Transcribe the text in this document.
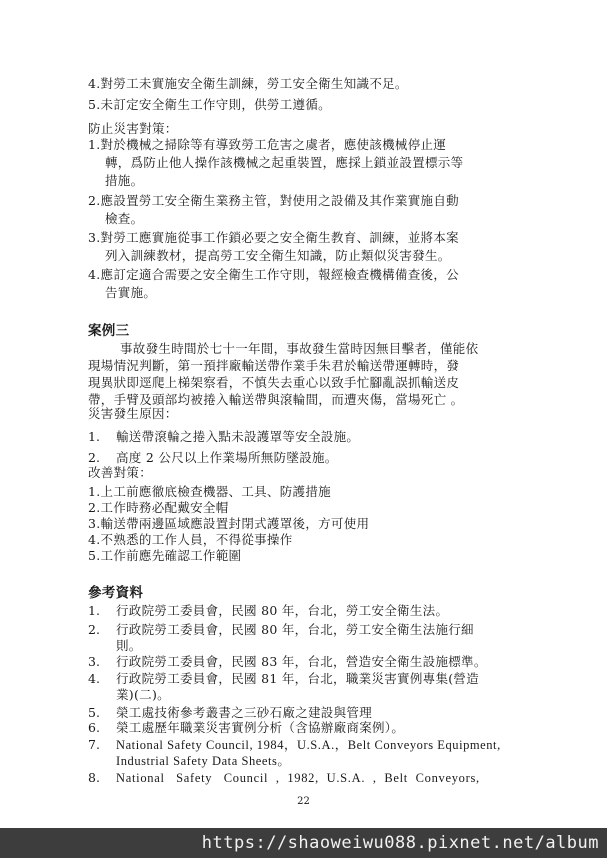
4.對勞工未實施安全衛生訓練，勞工安全衛生知識不足。
5.未訂定安全衛生工作守則，供勞工遵循。
防止災害對策：
1.對於機械之掃除等有導致勞工危害之虞者，應使該機械停止運
轉，爲防止他人操作該機械之起重裝置，應採上鎖並設置標示等
措施。
2.應設置勞工安全衛生業務主管，對使用之設備及其作業實施自動
檢查。
3.對勞工應實施從事工作鎖必要之安全衛生教育、訓練，並將本案
列入訓練教材，提高勞工安全衛生知識，防止類似災害發生。
4.應訂定適合需要之安全衛生工作守則，報經檢查機構備查後，公
告實施。
案例三
事故發生時間於七十一年間，事故發生當時因無目擊者，僅能依
現場情況判斷，第一預拌廠輸送帶作業手朱君於輸送帶運轉時，發
現異狀即逕爬上梯架察看，不慎失去重心以致手忙腳亂誤抓輸送皮
帶，手臂及頭部均被捲入輸送帶與滾輪間，而遭夾傷，當場死亡 。
災害發生原因：
1. 輸送帶滾輪之捲入點未設護罩等安全設施。
2. 高度 2 公尺以上作業場所無防墜設施。
改善對策：
1.上工前應徹底檢查機器、工具、防護措施
2.工作時務必配戴安全帽
3.輸送帶兩邊區域應設置封閉式護罩後，方可使用
4.不熟悉的工作人員，不得從事操作
5.工作前應先確認工作範圍
參考資料
1. 行政院勞工委員會，民國 80 年，台北，勞工安全衛生法。
2. 行政院勞工委員會，民國 80 年，台北，勞工安全衛生法施行細
則。
3. 行政院勞工委員會，民國 83 年，台北，營造安全衛生設施標準。
4. 行政院勞工委員會，民國 81 年，台北，職業災害實例專集(營造
業)(二)。
5. 榮工處技術參考叢書之三砂石廠之建設與管理
6. 榮工處歷年職業災害實例分析（含協辦廠商案例）。
7. National Safety Council, 1984，U.S.A.，Belt Conveyors Equipment,
Industrial Safety Data Sheets。
8. National   Safety   Council  ,  1982,  U.S.A.  ,  Belt  Conveyors,
22
https://shaoweiwu088.pixnet.net/album
